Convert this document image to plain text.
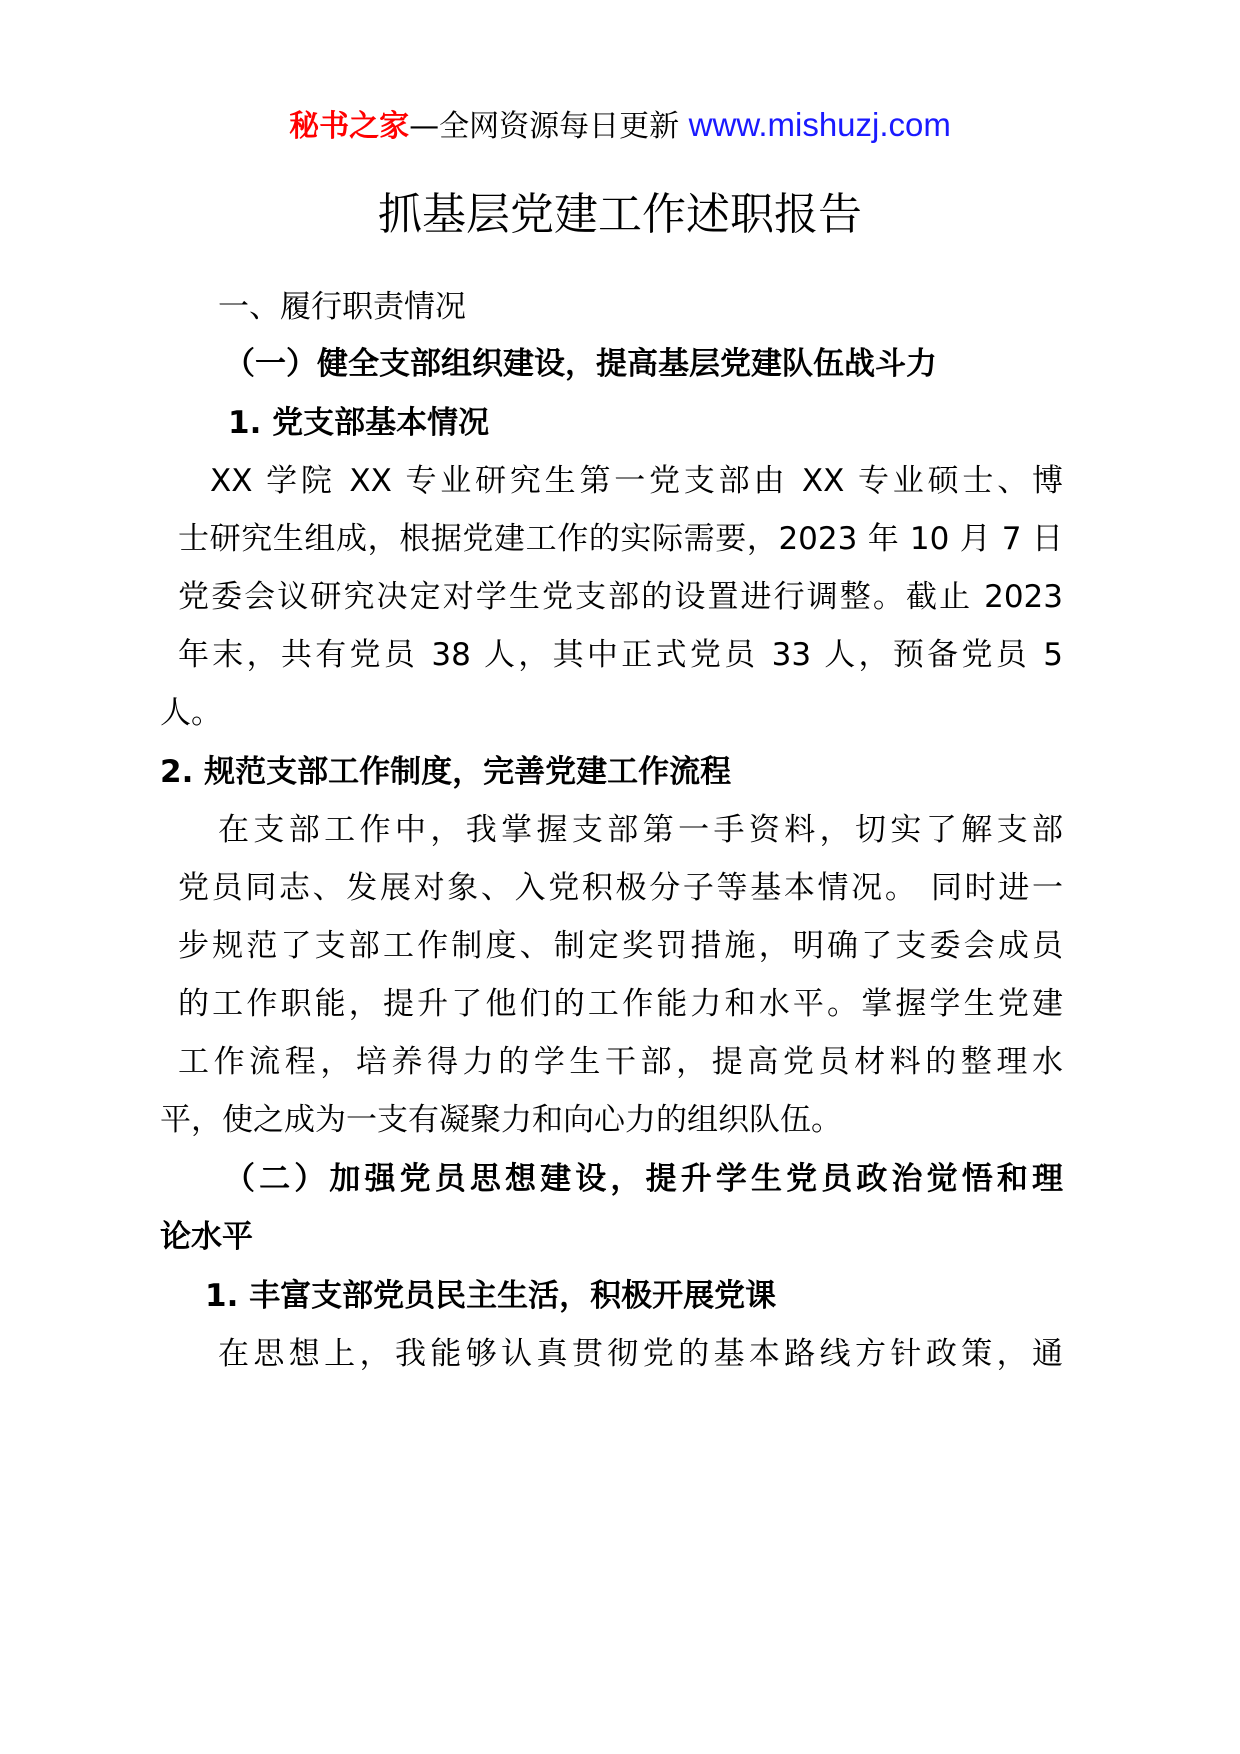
秘书之家—全网资源每日更新 www.mishuzj.com
抓基层党建工作述职报告
一、履行职责情况
（一）健全支部组织建设，提高基层党建队伍战斗力
1. 党支部基本情况
XX 学院 XX 专业研究生第一党支部由 XX 专业硕士、博
士研究生组成，根据党建工作的实际需要，2023 年 10 月 7 日
党委会议研究决定对学生党支部的设置进行调整。截止 2023
年末，共有党员 38 人，其中正式党员 33 人，预备党员 5
人。
2. 规范支部工作制度，完善党建工作流程
在支部工作中，我掌握支部第一手资料，切实了解支部
党员同志、发展对象、入党积极分子等基本情况。 同时进一
步规范了支部工作制度、制定奖罚措施，明确了支委会成员
的工作职能，提升了他们的工作能力和水平。掌握学生党建
工作流程，培养得力的学生干部，提高党员材料的整理水
平，使之成为一支有凝聚力和向心力的组织队伍。
（二）加强党员思想建设，提升学生党员政治觉悟和理
论水平
1. 丰富支部党员民主生活，积极开展党课
在思想上，我能够认真贯彻党的基本路线方针政策，通
